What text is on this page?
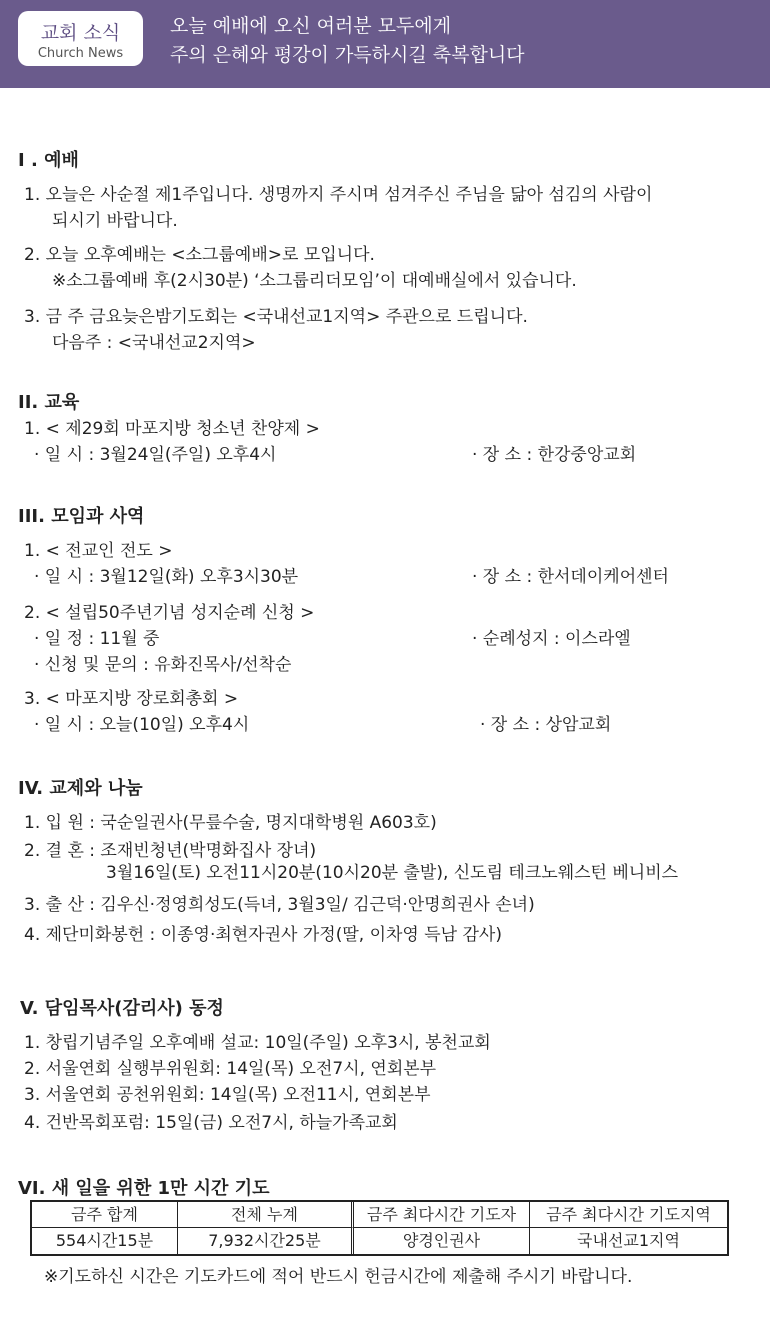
교회 소식
Church News
오늘 예배에 오신 여러분 모두에게
주의 은혜와 평강이 가득하시길 축복합니다
I . 예배
1. 오늘은 사순절 제1주입니다. 생명까지 주시며 섬겨주신 주님을 닮아 섬김의 사람이
되시기 바랍니다.
2. 오늘 오후예배는 <소그룹예배>로 모입니다.
※소그룹예배 후(2시30분) ‘소그룹리더모임’이 대예배실에서 있습니다.
3. 금 주 금요늦은밤기도회는 <국내선교1지역> 주관으로 드립니다.
다음주 : <국내선교2지역>
II. 교육
1. < 제29회 마포지방 청소년 찬양제 >
· 일 시 : 3월24일(주일) 오후4시	· 장 소 : 한강중앙교회
III. 모임과 사역
1. < 전교인 전도 >
· 일 시 : 3월12일(화) 오후3시30분	· 장 소 : 한서데이케어센터
2. < 설립50주년기념 성지순례 신청 >
· 일 정 : 11월 중	· 순례성지 : 이스라엘
· 신청 및 문의 : 유화진목사/선착순
3. < 마포지방 장로회총회 >
· 일 시 : 오늘(10일) 오후4시	· 장 소 : 상암교회
IV. 교제와 나눔
1. 입 원 : 국순일권사(무릎수술, 명지대학병원 A603호)
2. 결 혼 : 조재빈청년(박명화집사 장녀)
3월16일(토) 오전11시20분(10시20분 출발), 신도림 테크노웨스턴 베니비스
3. 출 산 : 김우신·정영희성도(득녀, 3월3일/ 김근덕·안명희권사 손녀)
4. 제단미화봉헌 : 이종영·최현자권사 가정(딸, 이차영 득남 감사)
V. 담임목사(감리사) 동정
1. 창립기념주일 오후예배 설교: 10일(주일) 오후3시, 봉천교회
2. 서울연회 실행부위원회: 14일(목) 오전7시, 연회본부
3. 서울연회 공천위원회: 14일(목) 오전11시, 연회본부
4. 건반목회포럼: 15일(금) 오전7시, 하늘가족교회
VI. 새 일을 위한 1만 시간 기도
금주 합계	전체 누계	금주 최다시간 기도자	금주 최다시간 기도지역
554시간15분	7,932시간25분	양경인권사	국내선교1지역
※기도하신 시간은 기도카드에 적어 반드시 헌금시간에 제출해 주시기 바랍니다.
